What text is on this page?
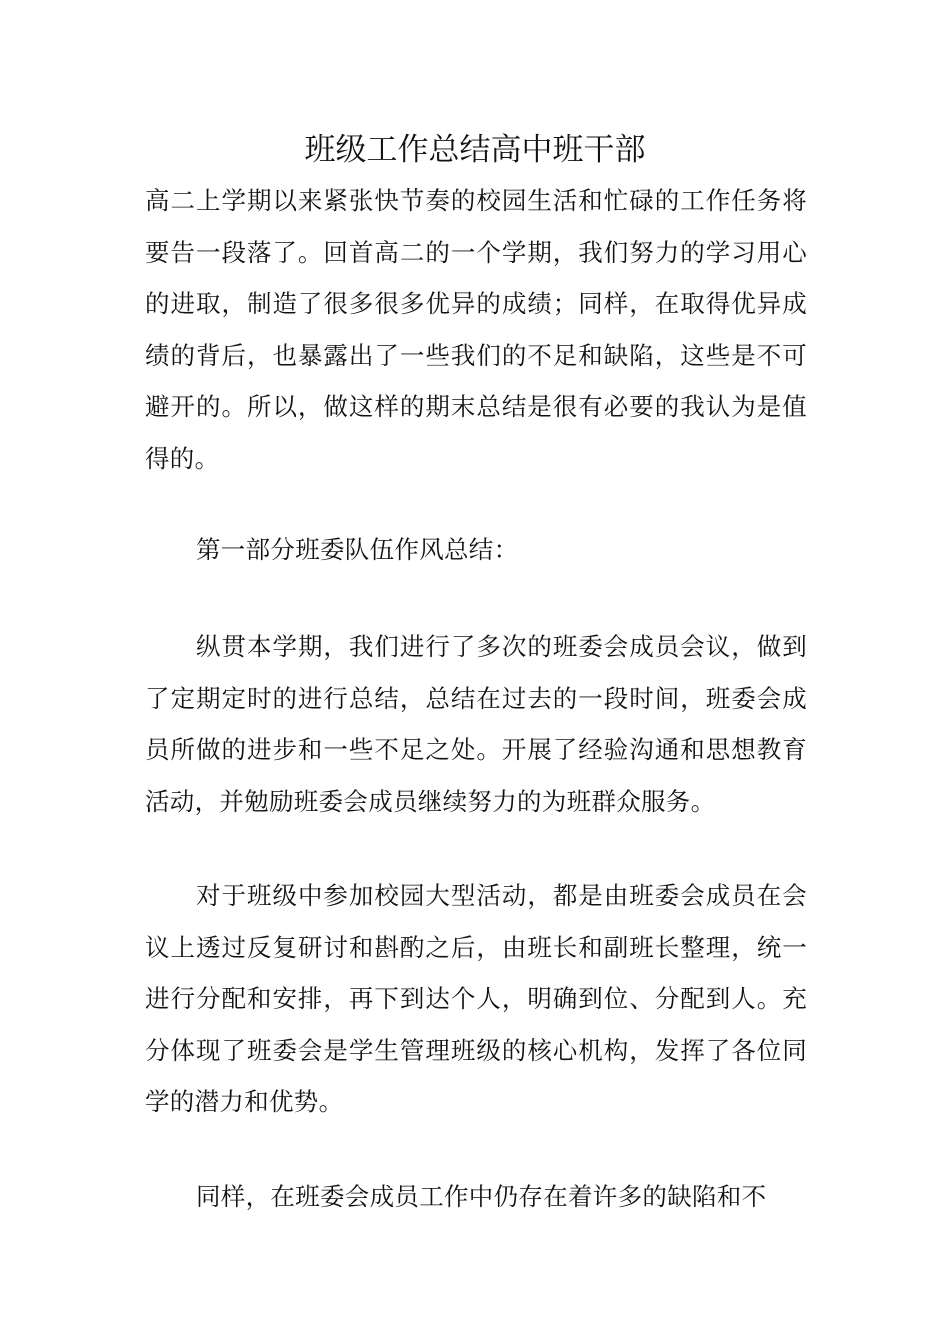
班级工作总结高中班干部

高二上学期以来紧张快节奏的校园生活和忙碌的工作任务将要告一段落了。回首高二的一个学期，我们努力的学习用心的进取，制造了很多很多优异的成绩；同样，在取得优异成绩的背后，也暴露出了一些我们的不足和缺陷，这些是不可避开的。所以，做这样的期末总结是很有必要的我认为是值得的。

第一部分班委队伍作风总结：

纵贯本学期，我们进行了多次的班委会成员会议，做到了定期定时的进行总结，总结在过去的一段时间，班委会成员所做的进步和一些不足之处。开展了经验沟通和思想教育活动，并勉励班委会成员继续努力的为班群众服务。

对于班级中参加校园大型活动，都是由班委会成员在会议上透过反复研讨和斟酌之后，由班长和副班长整理，统一进行分配和安排，再下到达个人，明确到位、分配到人。充分体现了班委会是学生管理班级的核心机构，发挥了各位同学的潜力和优势。

同样，在班委会成员工作中仍存在着许多的缺陷和不
